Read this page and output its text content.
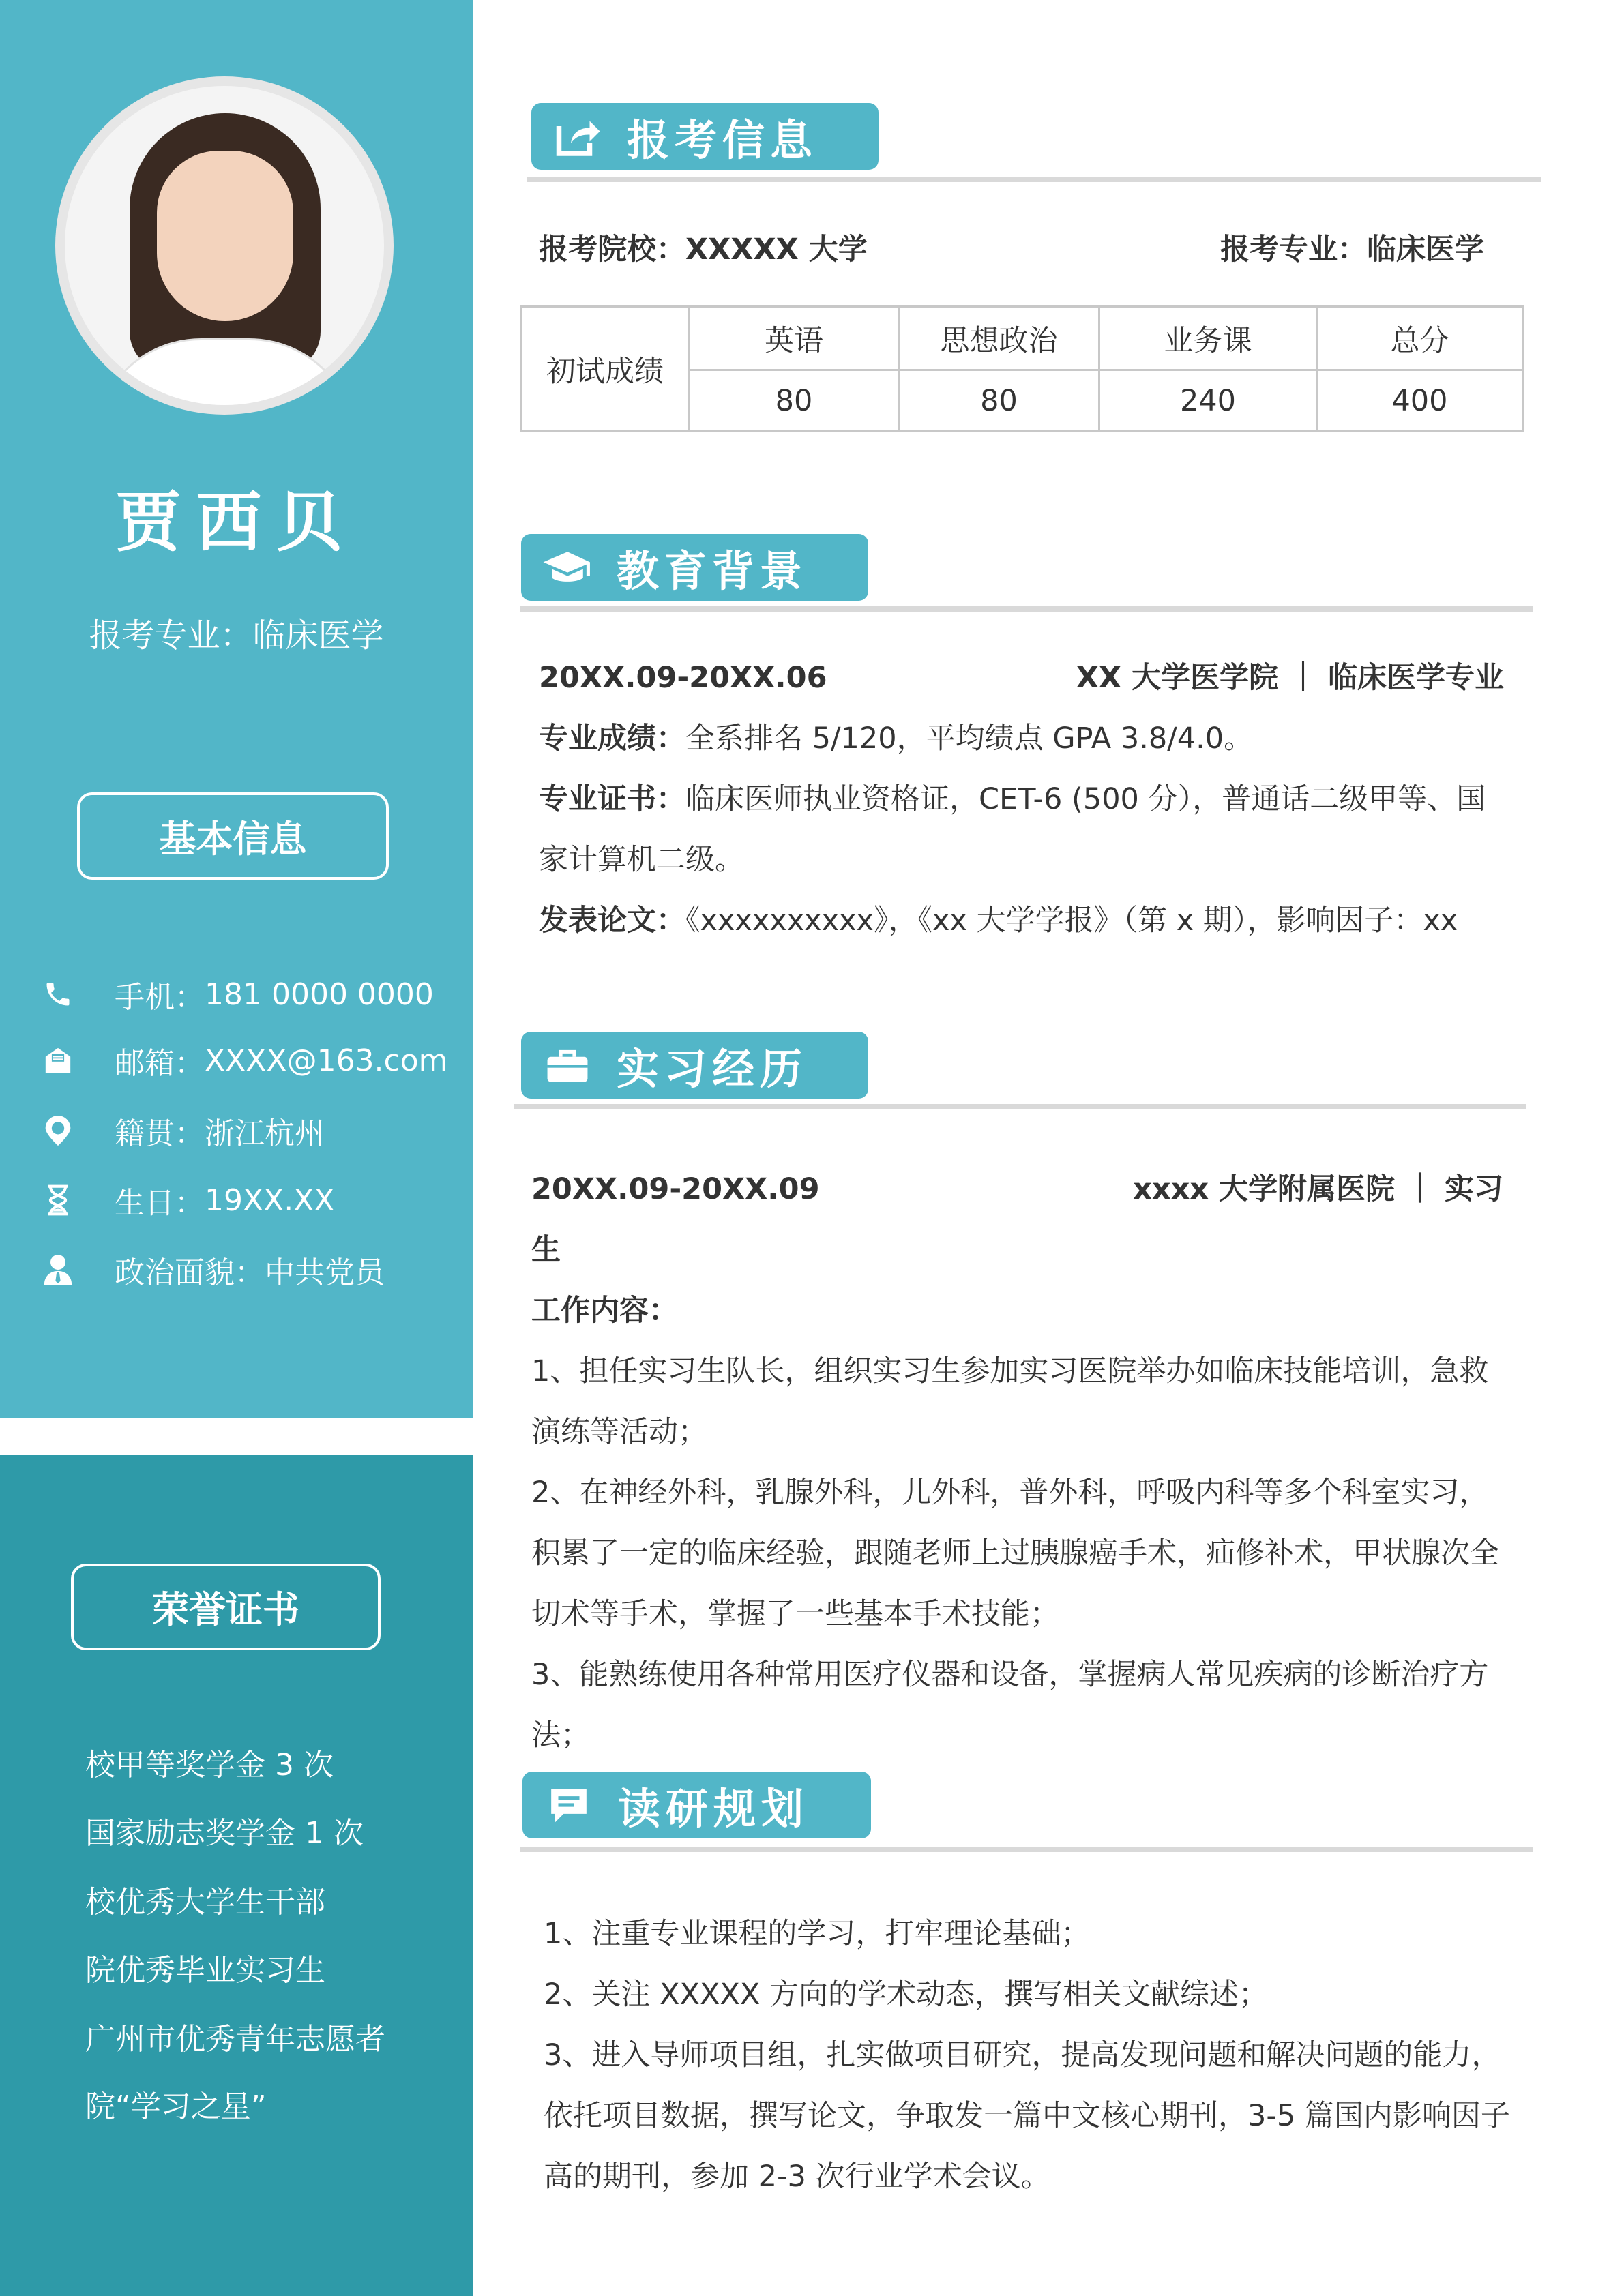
贾西贝
报考专业：临床医学
基本信息
手机： 181 0000 0000
邮箱： XXXX@163.com
籍贯： 浙江杭州
生日： 19XX.XX
政治面貌： 中共党员
荣誉证书
校甲等奖学金 3 次
国家励志奖学金 1 次
校优秀大学生干部
院优秀毕业实习生
广州市优秀青年志愿者
院“学习之星”
报考信息
报考院校：XXXXX 大学	报考专业：临床医学
初试成绩	英语	思想政治	业务课	总分
	80	80	240	400
教育背景
20XX.09-20XX.06	XX 大学医学院 ｜ 临床医学专业
专业成绩：全系排名 5/120，平均绩点 GPA 3.8/4.0。
专业证书：临床医师执业资格证，CET-6 (500 分），普通话二级甲等、国家计算机二级。
发表论文：《xxxxxxxxxx》，《xx 大学学报》（第 x 期），影响因子：xx
实习经历
20XX.09-20XX.09	xxxx 大学附属医院 ｜ 实习
生
工作内容：
1、担任实习生队长，组织实习生参加实习医院举办如临床技能培训，急救演练等活动；
2、在神经外科，乳腺外科，儿外科，普外科，呼吸内科等多个科室实习， 积累了一定的临床经验，跟随老师上过胰腺癌手术，疝修补术，甲状腺次全切术等手术，掌握了一些基本手术技能；
3、能熟练使用各种常用医疗仪器和设备，掌握病人常见疾病的诊断治疗方法；
读研规划
1、注重专业课程的学习，打牢理论基础；
2、关注 XXXXX 方向的学术动态，撰写相关文献综述；
3、进入导师项目组，扎实做项目研究，提高发现问题和解决问题的能力，依托项目数据，撰写论文，争取发一篇中文核心期刊，3-5 篇国内影响因子高的期刊，参加 2-3 次行业学术会议。
